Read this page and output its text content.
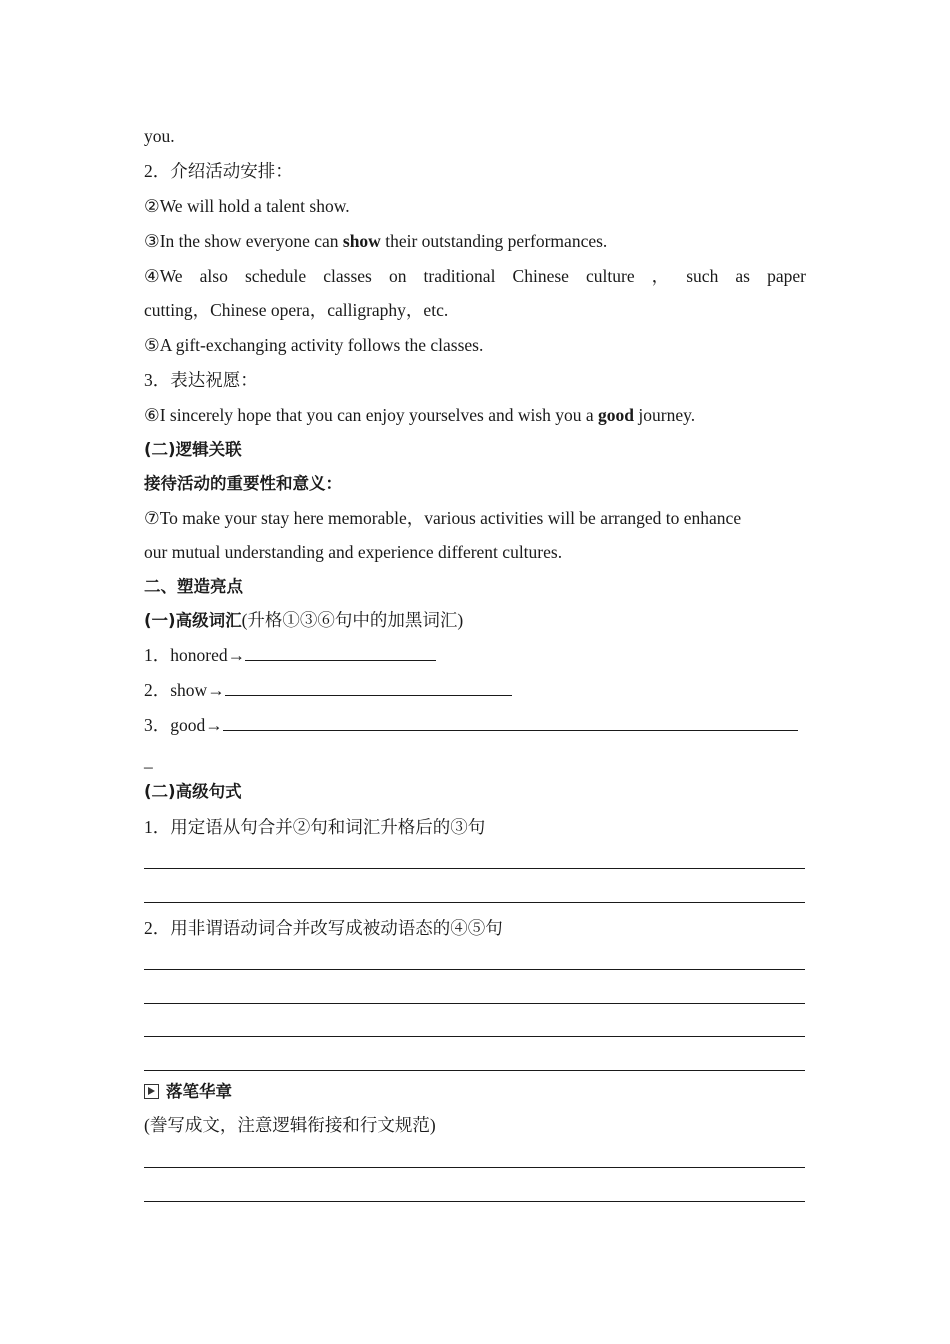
you.
2．介绍活动安排：
②We will hold a talent show.
③In the show everyone can show their outstanding performances.
④We also schedule classes on traditional Chinese culture ， such as paper
cutting，Chinese opera，calligraphy，etc.
⑤A gift-exchanging activity follows the classes.
3．表达祝愿：
⑥I sincerely hope that you can enjoy yourselves and wish you a good journey.
(二)逻辑关联
接待活动的重要性和意义：
⑦To make your stay here memorable，various activities will be arranged to enhance
our mutual understanding and experience different cultures.
二、塑造亮点
(一)高级词汇(升格①③⑥句中的加黑词汇)
1．honored→
2．show→
3．good→
_
(二)高级句式
1．用定语从句合并②句和词汇升格后的③句
2．用非谓语动词合并改写成被动语态的④⑤句
落笔华章
(誊写成文，注意逻辑衔接和行文规范)
